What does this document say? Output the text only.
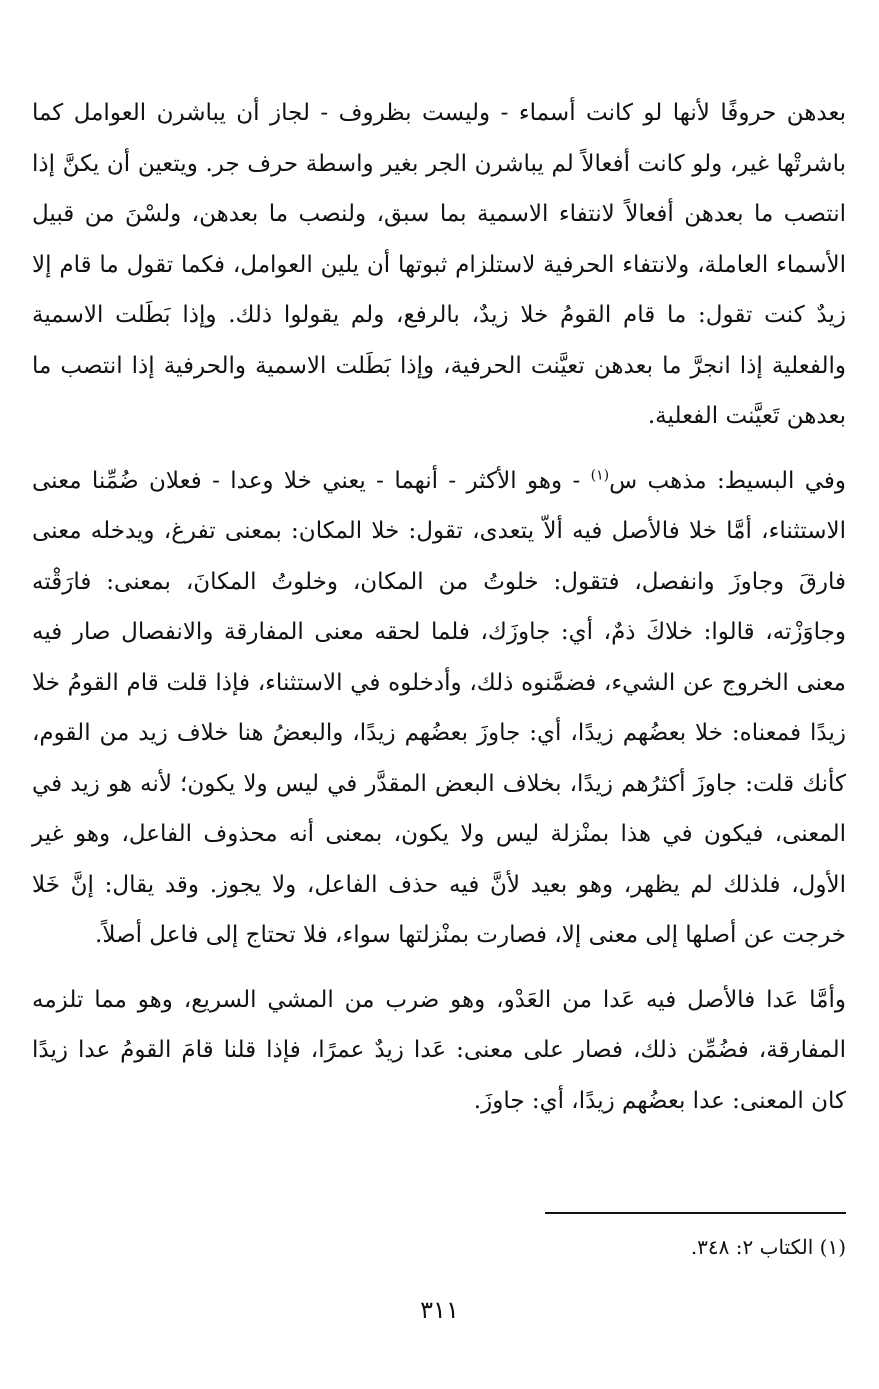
بعدهن حروفًا لأنها لو كانت أسماء - وليست بظروف - لجاز أن يباشرن العوامل كما باشرتْها غير، ولو كانت أفعالاً لم يباشرن الجر بغير واسطة حرف جر. ويتعين أن يكنَّ إذا انتصب ما بعدهن أفعالاً لانتفاء الاسمية بما سبق، ولنصب ما بعدهن، ولسْنَ من قبيل الأسماء العاملة، ولانتفاء الحرفية لاستلزام ثبوتها أن يلين العوامل، فكما تقول ما قام إلا زيدٌ كنت تقول: ما قام القومُ خلا زيدٌ، بالرفع، ولم يقولوا ذلك. وإذا بَطَلت الاسمية والفعلية إذا انجرَّ ما بعدهن تعيَّنت الحرفية، وإذا بَطَلت الاسمية والحرفية إذا انتصب ما بعدهن تَعيَّنت الفعلية.

وفي البسيط: مذهب س$^{(١)}$ - وهو الأكثر - أنهما - يعني خلا وعدا - فعلان ضُمِّنا معنى الاستثناء، أمَّا خلا فالأصل فيه ألاّ يتعدى، تقول: خلا المكان: بمعنى تفرغ، ويدخله معنى فارقَ وجاوزَ وانفصل، فتقول: خلوتُ من المكان، وخلوتُ المكانَ، بمعنى: فارَقْته وجاوَزْته، قالوا: خلاكَ ذمٌ، أي: جاوزَك، فلما لحقه معنى المفارقة والانفصال صار فيه معنى الخروج عن الشيء، فضمَّنوه ذلك، وأدخلوه في الاستثناء، فإذا قلت قام القومُ خلا زيدًا فمعناه: خلا بعضُهم زيدًا، أي: جاوزَ بعضُهم زيدًا، والبعضُ هنا خلاف زيد من القوم، كأنك قلت: جاوزَ أكثرُهم زيدًا، بخلاف البعض المقدَّر في ليس ولا يكون؛ لأنه هو زيد في المعنى، فيكون في هذا بمنْزلة ليس ولا يكون، بمعنى أنه محذوف الفاعل، وهو غير الأول، فلذلك لم يظهر، وهو بعيد لأنَّ فيه حذف الفاعل، ولا يجوز. وقد يقال: إنَّ خَلا خرجت عن أصلها إلى معنى إلا، فصارت بمنْزلتها سواء، فلا تحتاج إلى فاعل أصلاً.

وأمَّا عَدا فالأصل فيه عَدا من العَدْو، وهو ضرب من المشي السريع، وهو مما تلزمه المفارقة، فضُمِّن ذلك، فصار على معنى: عَدا زيدٌ عمرًا، فإذا قلنا قامَ القومُ عدا زيدًا كان المعنى: عدا بعضُهم زيدًا، أي: جاوزَ.

(١) الكتاب ٢: ٣٤٨.

٣١١
